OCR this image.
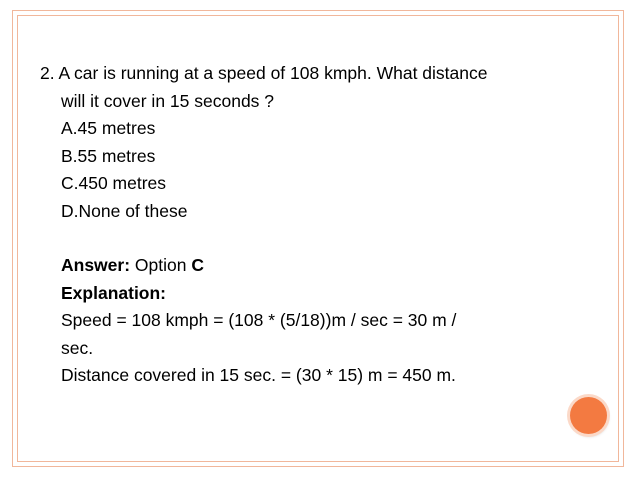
2. A car is running at a speed of 108 kmph. What distance

will it cover in 15 seconds ?

A.45 metres

B.55 metres

C.450 metres

D.None of these

Answer: Option C

Explanation:

Speed = 108 kmph = (108 * (5/18))m / sec = 30 m /

sec.

Distance covered in 15 sec. = (30 * 15) m = 450 m.
